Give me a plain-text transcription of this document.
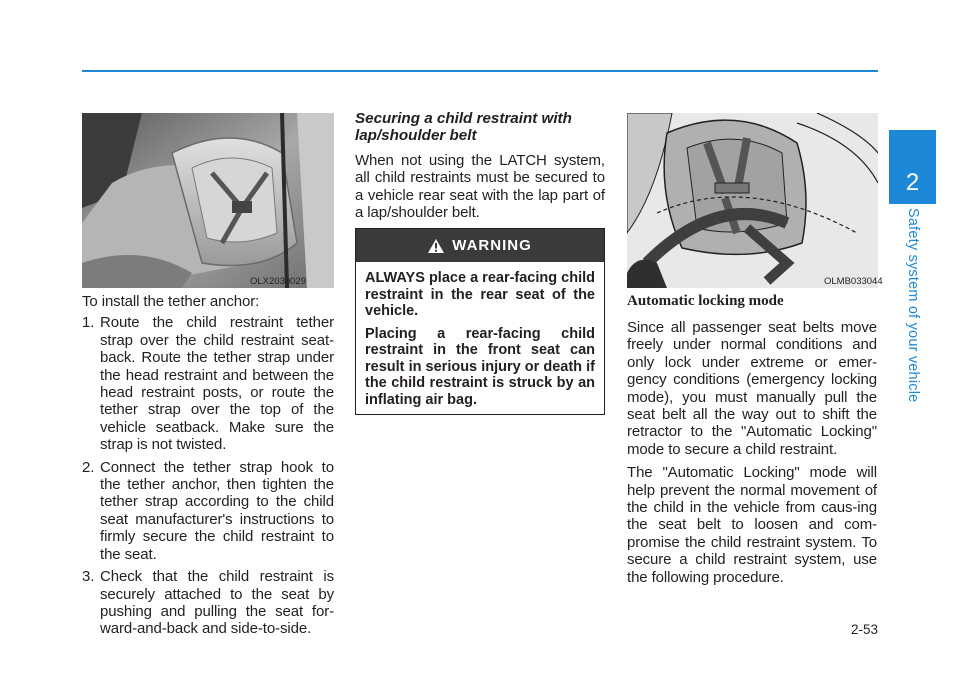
2
Safety system of your vehicle
OLX2030029
To install the tether anchor:
1. Route the child restraint tether strap over the child restraint seat-back. Route the tether strap under the head restraint and between the head restraint posts, or route the tether strap over the top of the vehicle seatback. Make sure the strap is not twisted.
2. Connect the tether strap hook to the tether anchor, then tighten the tether strap according to the child seat manufacturer's instructions to firmly secure the child restraint to the seat.
3. Check that the child restraint is securely attached to the seat by pushing and pulling the seat for-ward-and-back and side-to-side.
Securing a child restraint with lap/shoulder belt

When not using the LATCH system, all child restraints must be secured to a vehicle rear seat with the lap part of a lap/shoulder belt.

WARNING

ALWAYS place a rear-facing child restraint in the rear seat of the vehicle.

Placing a rear-facing child restraint in the front seat can result in serious injury or death if the child restraint is struck by an inflating air bag.

OLMB033044
Automatic locking mode

Since all passenger seat belts move freely under normal conditions and only lock under extreme or emer-gency conditions (emergency locking mode), you must manually pull the seat belt all the way out to shift the retractor to the "Automatic Locking" mode to secure a child restraint.

The "Automatic Locking" mode will help prevent the normal movement of the child in the vehicle from caus-ing the seat belt to loosen and com-promise the child restraint system. To secure a child restraint system, use the following procedure.

2-53
